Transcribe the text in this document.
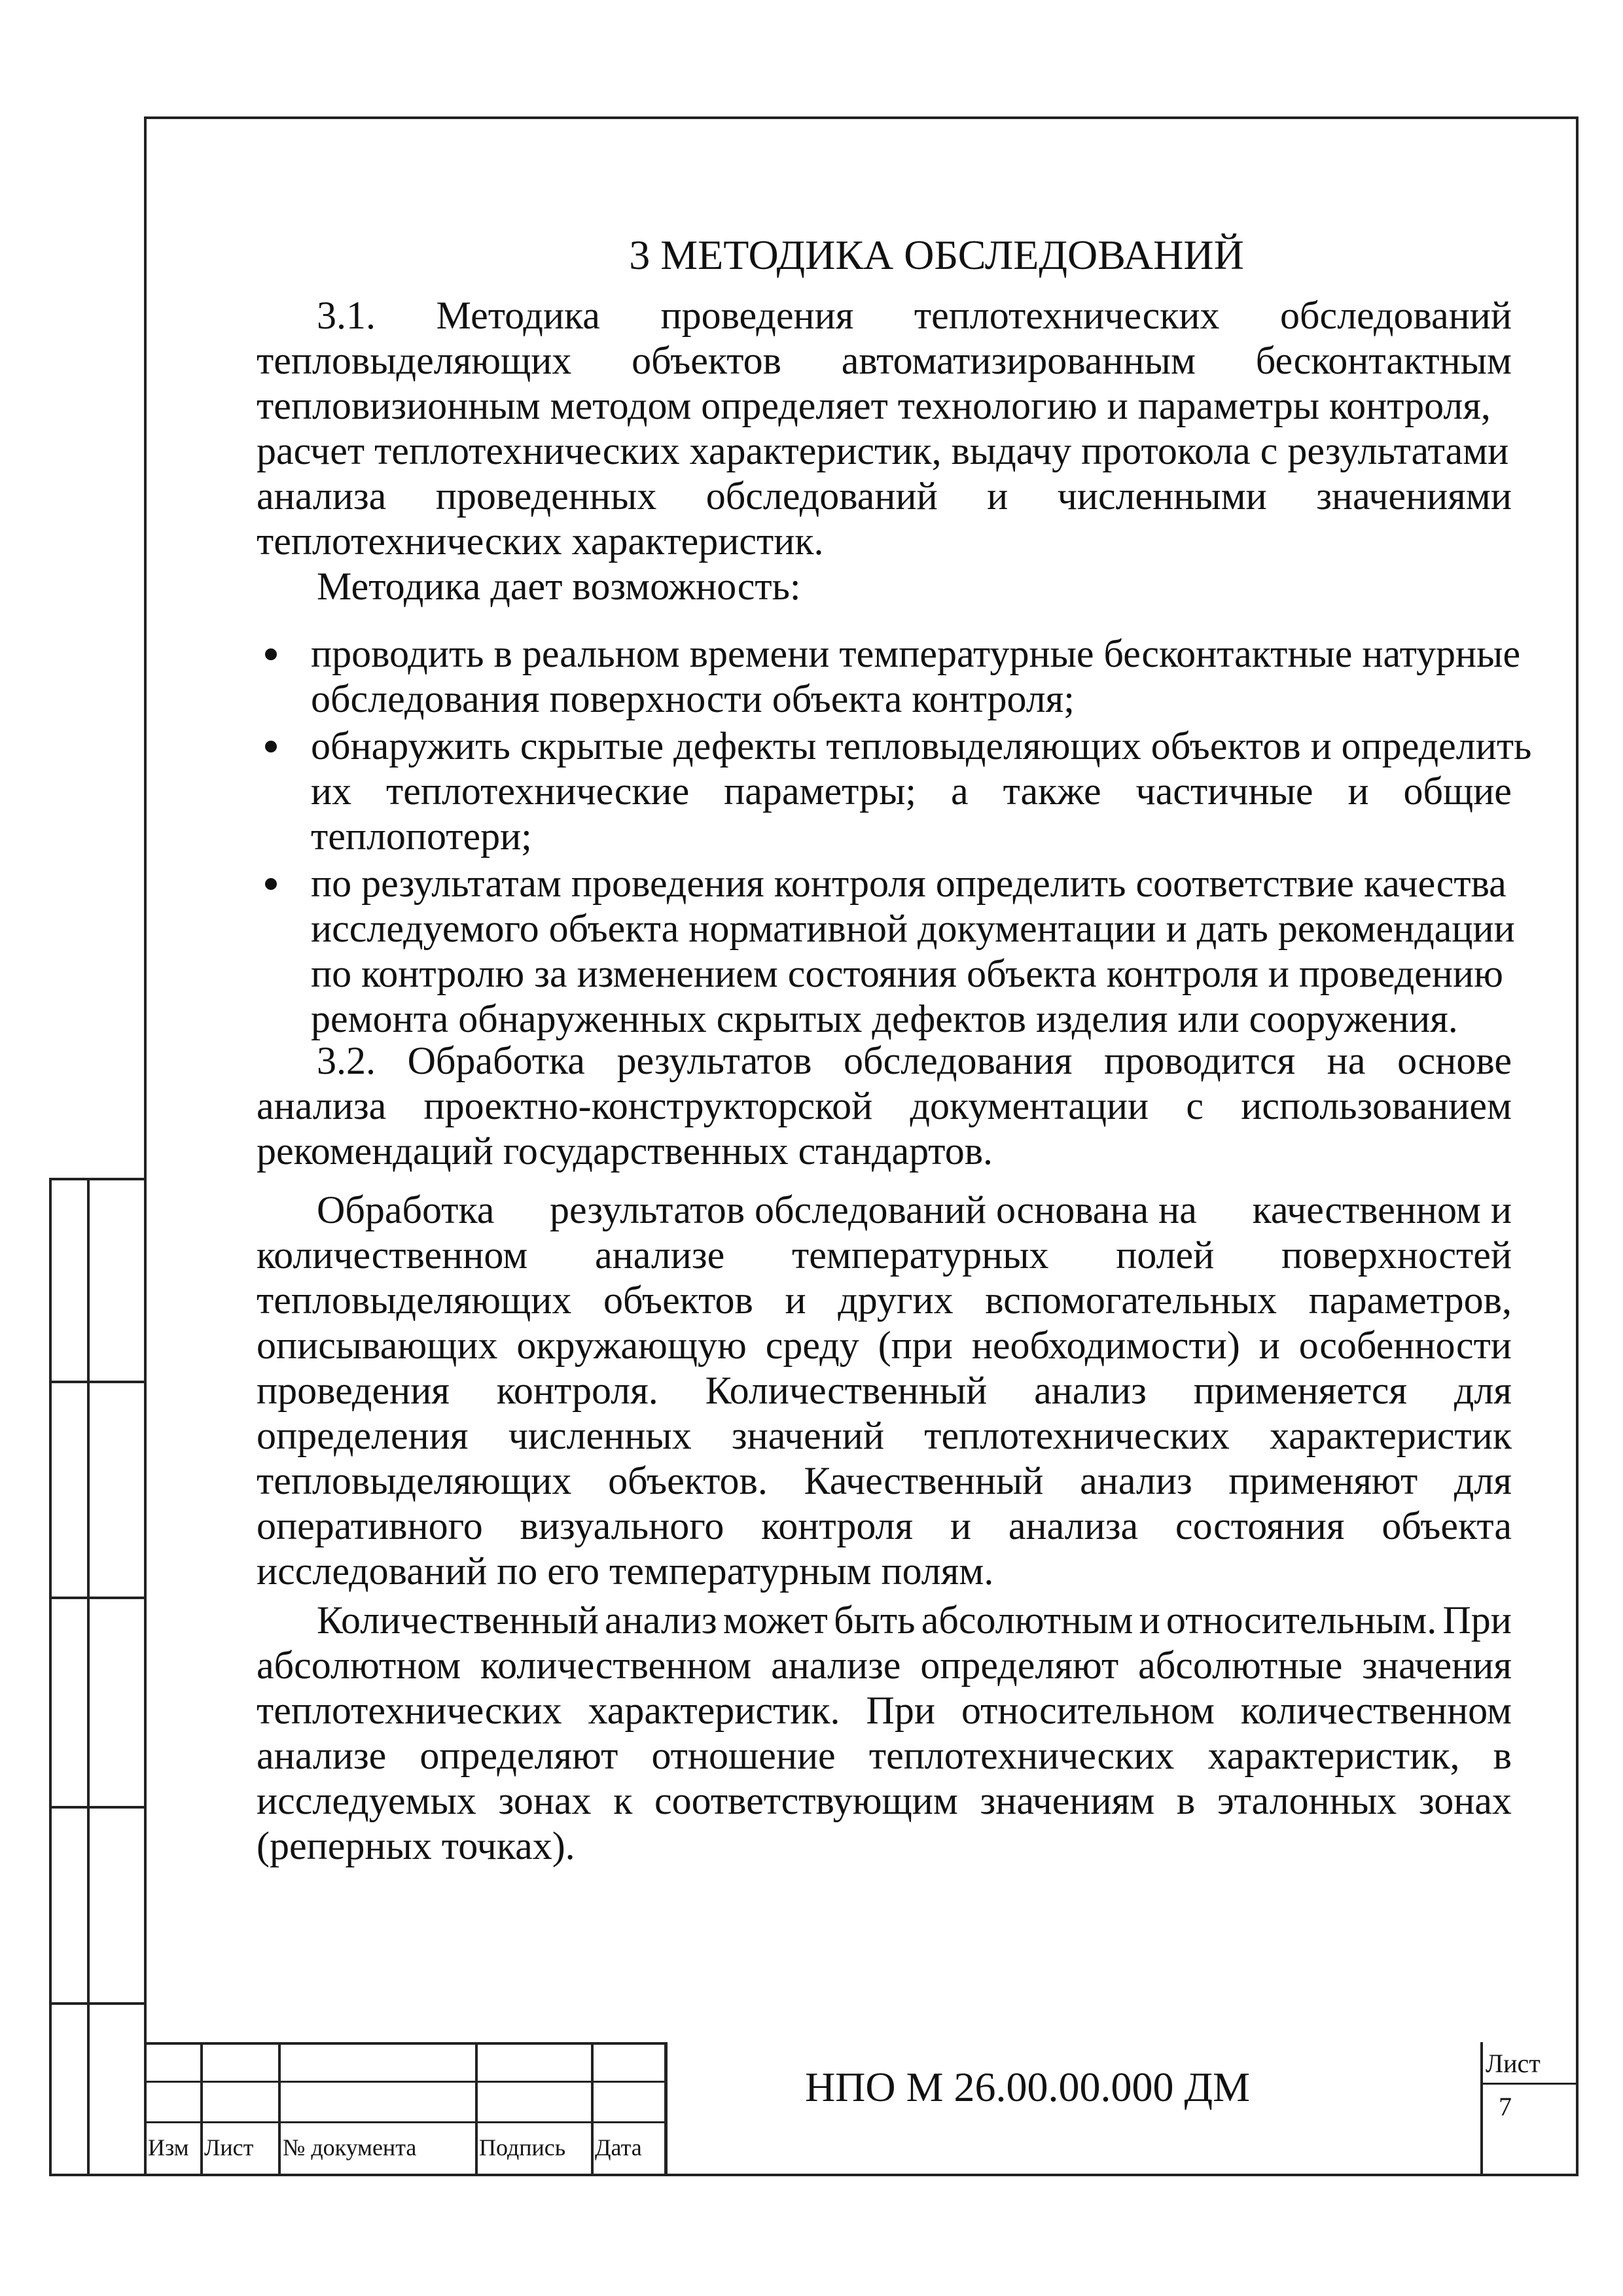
3 МЕТОДИКА ОБСЛЕДОВАНИЙ
3.1. Методика проведения теплотехнических обследований
тепловыделяющих объектов автоматизированным бесконтактным
тепловизионным методом определяет технологию и параметры контроля,
расчет теплотехнических характеристик, выдачу протокола с результатами
анализа проведенных обследований и численными значениями
теплотехнических характеристик.
Методика дает возможность:
проводить в реальном времени температурные бесконтактные натурные
обследования поверхности объекта контроля;
обнаружить скрытые дефекты тепловыделяющих объектов и определить
их теплотехнические параметры; а также частичные и общие
теплопотери;
по результатам проведения контроля определить соответствие качества
исследуемого объекта нормативной документации и дать рекомендации
по контролю за изменением состояния объекта контроля и проведению
ремонта обнаруженных скрытых дефектов изделия или сооружения.
3.2. Обработка результатов обследования проводится на основе
анализа проектно-конструкторской документации с использованием
рекомендаций государственных стандартов.
Обработка результатов обследований основана на качественном и
количественном анализе температурных полей поверхностей
тепловыделяющих объектов и других вспомогательных параметров,
описывающих окружающую среду (при необходимости) и особенности
проведения контроля. Количественный анализ применяется для
определения численных значений теплотехнических характеристик
тепловыделяющих объектов. Качественный анализ применяют для
оперативного визуального контроля и анализа состояния объекта
исследований по его температурным полям.
Количественный анализ может быть абсолютным и относительным. При
абсолютном количественном анализе определяют абсолютные значения
теплотехнических характеристик. При относительном количественном
анализе определяют отношение теплотехнических характеристик, в
исследуемых зонах к соответствующим значениям в эталонных зонах
(реперных точках).
Изм Лист № документа	Подпись Дата
НПО М 26.00.00.000 ДМ
Лист
7
